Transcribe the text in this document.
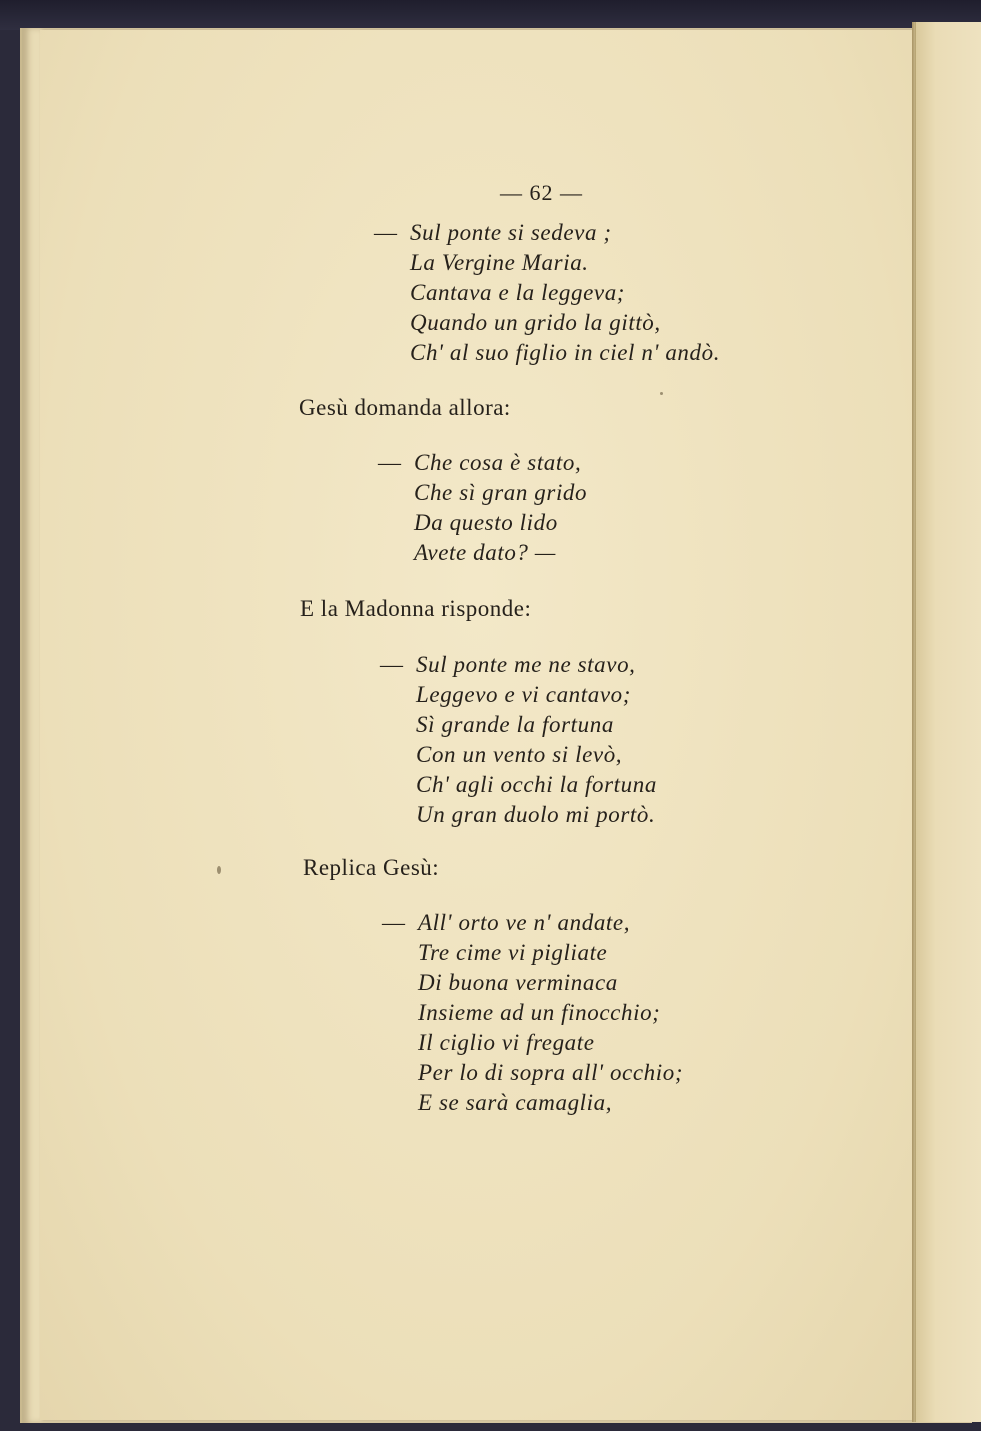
— 62 —
— Sul ponte si sedeva ;
La Vergine Maria.
Cantava e la leggeva;
Quando un grido la gittò,
Ch' al suo figlio in ciel n' andò.
Gesù domanda allora:
— Che cosa è stato,
Che sì gran grido
Da questo lido
Avete dato? —
E la Madonna risponde:
— Sul ponte me ne stavo,
Leggevo e vi cantavo;
Sì grande la fortuna
Con un vento si levò,
Ch' agli occhi la fortuna
Un gran duolo mi portò.
Replica Gesù:
— All' orto ve n' andate,
Tre cime vi pigliate
Di buona verminaca
Insieme ad un finocchio;
Il ciglio vi fregate
Per lo di sopra all' occhio;
E se sarà camaglia,
